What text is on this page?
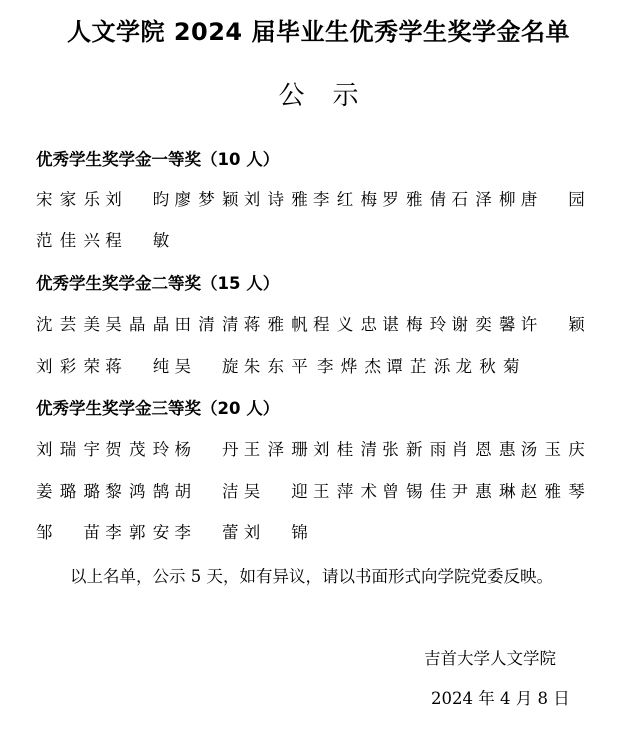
人文学院 2024 届毕业生优秀学生奖学金名单
公示
优秀学生奖学金一等奖（10 人）
宋家乐 刘 昀 廖梦颖 刘诗雅 李红梅 罗雅倩 石泽柳 唐 园
范佳兴 程 敏
优秀学生奖学金二等奖（15 人）
沈芸美 吴晶晶 田清清 蒋雅帆 程义忠 谌梅玲 谢奕馨 许 颖
刘彩荣 蒋 纯 吴 旋 朱东平 李烨杰 谭芷泺 龙秋菊
优秀学生奖学金三等奖（20 人）
刘瑞宇 贺茂玲 杨 丹 王泽珊 刘桂清 张新雨 肖恩惠 汤玉庆
姜璐璐 黎鸿鹄 胡 洁 吴 迎 王萍术 曾锡佳 尹惠琳 赵雅琴
邹 苗 李郭安 李 蕾 刘 锦
以上名单，公示 5 天，如有异议，请以书面形式向学院党委反映。
吉首大学人文学院
2024 年 4 月 8 日
